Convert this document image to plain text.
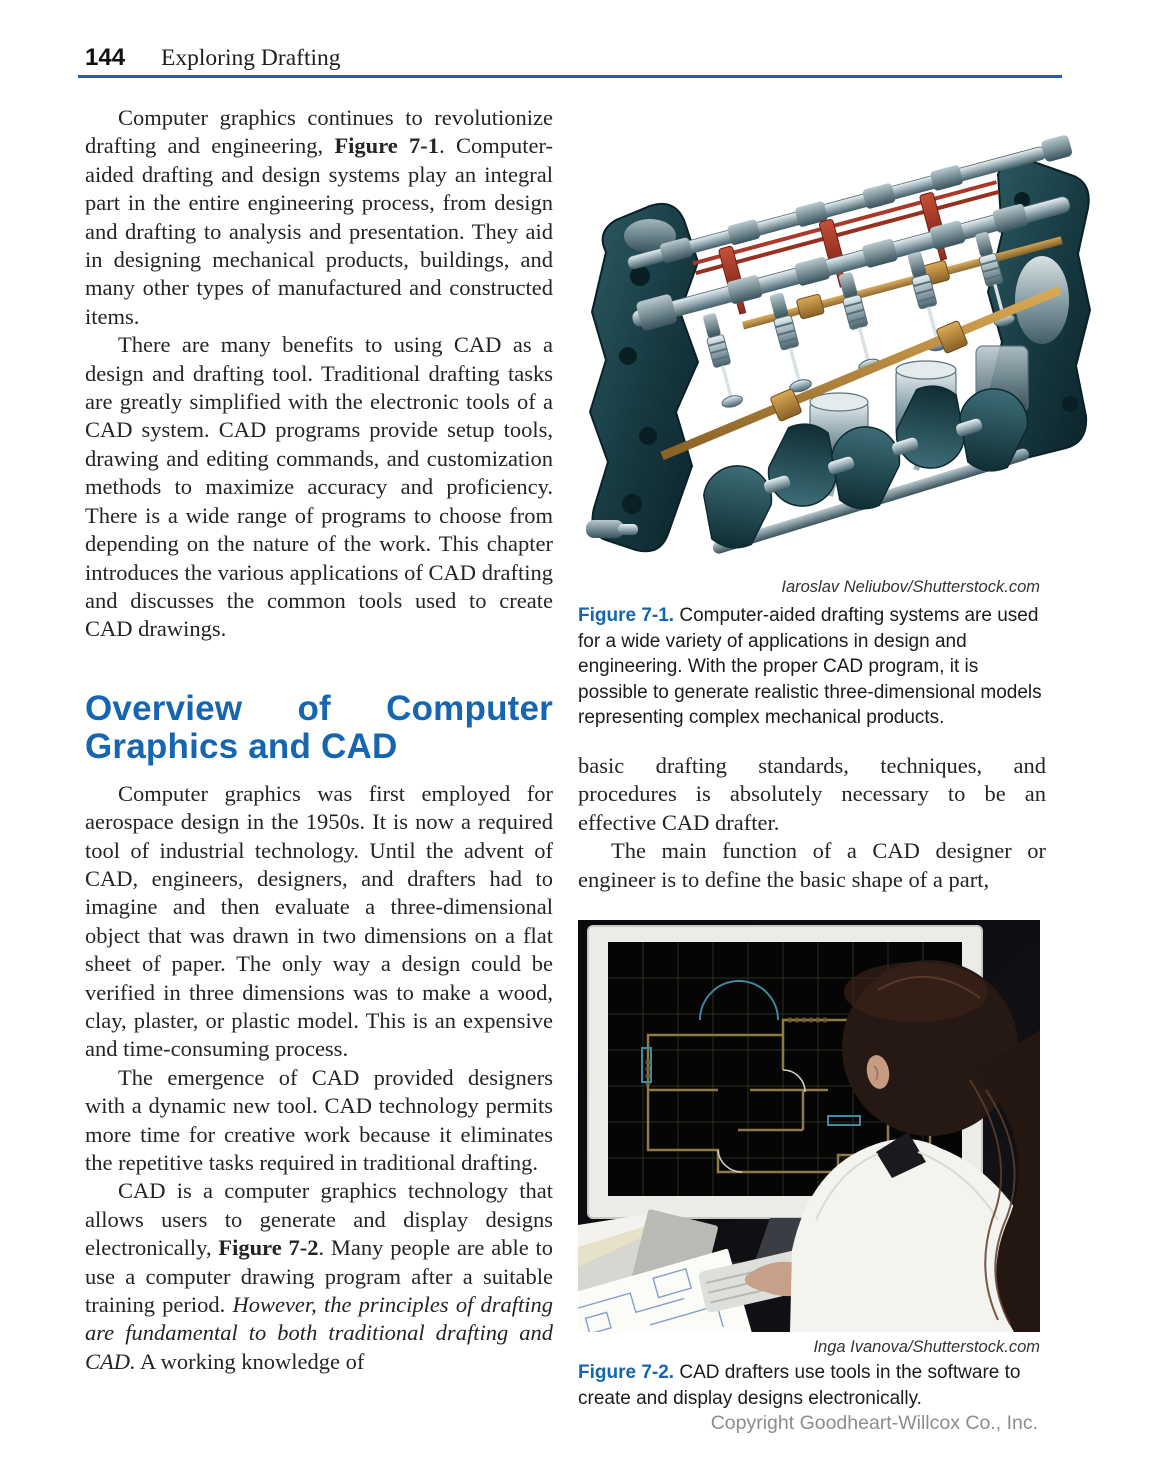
144 Exploring Drafting

Computer graphics continues to revolutionize drafting and engineering, Figure 7-1. Computer-aided drafting and design systems play an integral part in the entire engineering process, from design and drafting to analysis and presentation. They aid in designing mechanical products, buildings, and many other types of manufactured and constructed items.

There are many benefits to using CAD as a design and drafting tool. Traditional drafting tasks are greatly simplified with the electronic tools of a CAD system. CAD programs provide setup tools, drawing and editing commands, and customization methods to maximize accuracy and proficiency. There is a wide range of programs to choose from depending on the nature of the work. This chapter introduces the various applications of CAD drafting and discusses the common tools used to create CAD drawings.

Overview of Computer Graphics and CAD

Computer graphics was first employed for aerospace design in the 1950s. It is now a required tool of industrial technology. Until the advent of CAD, engineers, designers, and drafters had to imagine and then evaluate a three-dimensional object that was drawn in two dimensions on a flat sheet of paper. The only way a design could be verified in three dimensions was to make a wood, clay, plaster, or plastic model. This is an expensive and time-consuming process.

The emergence of CAD provided designers with a dynamic new tool. CAD technology permits more time for creative work because it eliminates the repetitive tasks required in traditional drafting.

CAD is a computer graphics technology that allows users to generate and display designs electronically, Figure 7-2. Many people are able to use a computer drawing program after a suitable training period. However, the principles of drafting are fundamental to both traditional drafting and CAD. A working knowledge of

Iaroslav Neliubov/Shutterstock.com
Figure 7-1. Computer-aided drafting systems are used for a wide variety of applications in design and engineering. With the proper CAD program, it is possible to generate realistic three-dimensional models representing complex mechanical products.

basic drafting standards, techniques, and procedures is absolutely necessary to be an effective CAD drafter.

The main function of a CAD designer or engineer is to define the basic shape of a part,

Inga Ivanova/Shutterstock.com
Figure 7-2. CAD drafters use tools in the software to create and display designs electronically.
Copyright Goodheart-Willcox Co., Inc.
